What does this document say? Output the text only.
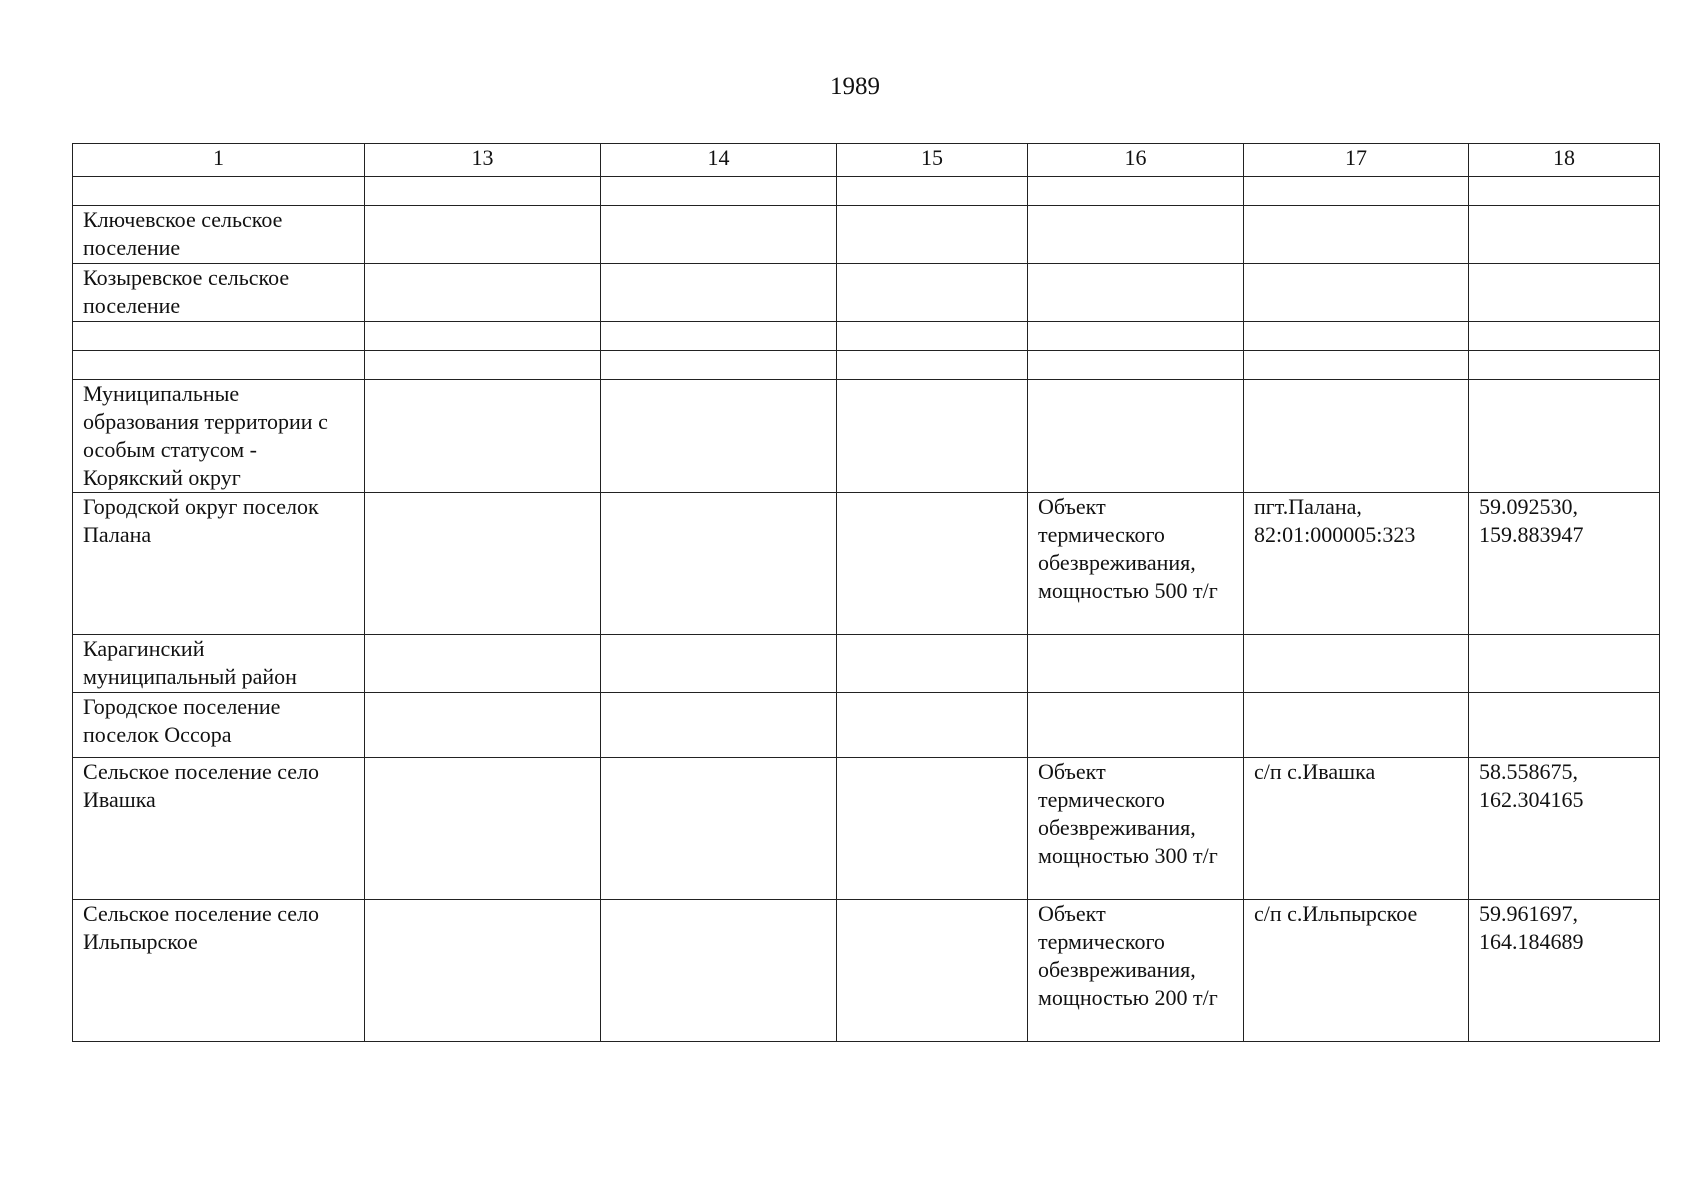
1989
1	13	14	15	16	17	18

Ключевское сельское поселение						
Козыревское сельское поселение						

Муниципальные образования территории с особым статусом - Корякский округ						
Городской округ поселок Палана				Объект термического обезвреживания, мощностью 500 т/г	пгт.Палана, 82:01:000005:323	59.092530, 159.883947
Карагинский муниципальный район						
Городское поселение поселок Оссора						
Сельское поселение село Ивашка				Объект термического обезвреживания, мощностью 300 т/г	с/п с.Ивашка	58.558675, 162.304165
Сельское поселение село Ильпырское				Объект термического обезвреживания, мощностью 200 т/г	с/п с.Ильпырское	59.961697, 164.184689
